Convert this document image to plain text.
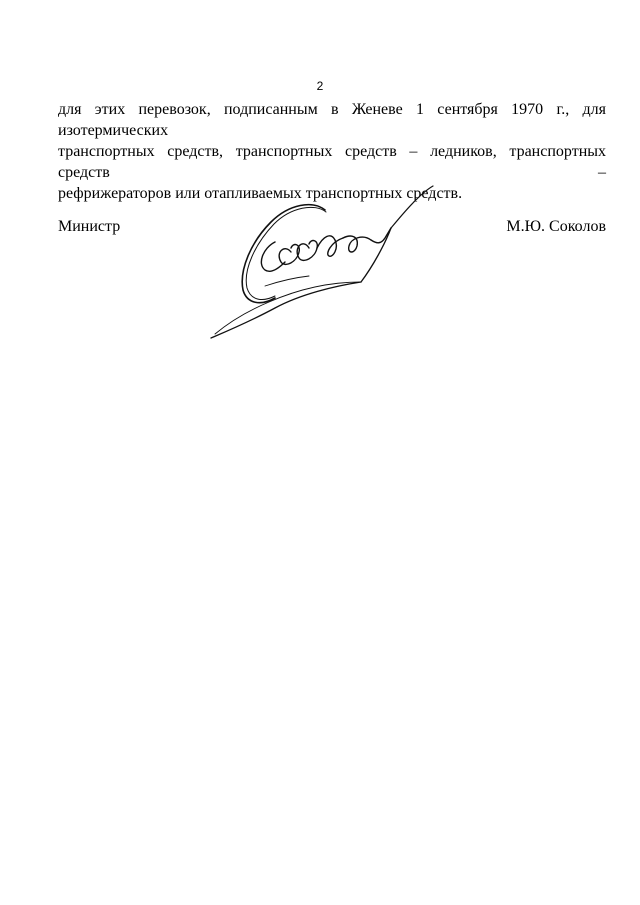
2

для этих перевозок, подписанным в Женеве 1 сентября 1970 г., для изотермических
транспортных средств, транспортных средств – ледников, транспортных средств –
рефрижераторов или отапливаемых транспортных средств.

Министр	М.Ю. Соколов
